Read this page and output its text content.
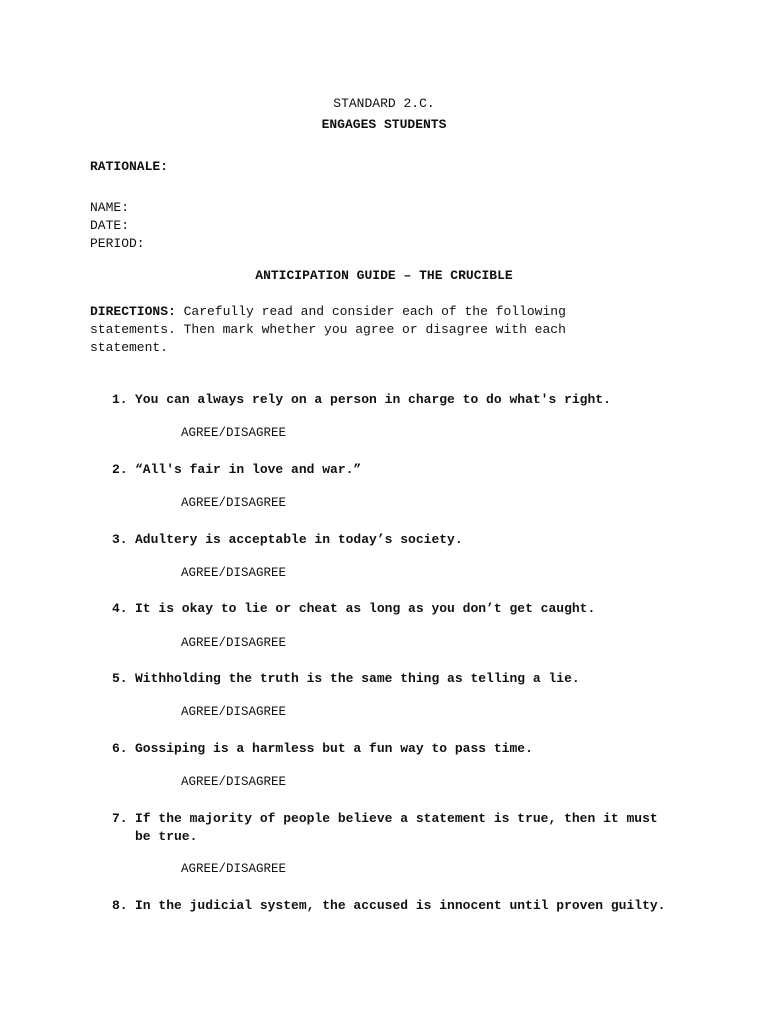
STANDARD 2.C.
ENGAGES STUDENTS
RATIONALE:
NAME:
DATE:
PERIOD:
ANTICIPATION GUIDE – THE CRUCIBLE
DIRECTIONS: Carefully read and consider each of the following
statements. Then mark whether you agree or disagree with each
statement.
1. You can always rely on a person in charge to do what's right.
AGREE/DISAGREE
2. “All's fair in love and war.”
AGREE/DISAGREE
3. Adultery is acceptable in today’s society.
AGREE/DISAGREE
4. It is okay to lie or cheat as long as you don’t get caught.
AGREE/DISAGREE
5. Withholding the truth is the same thing as telling a lie.
AGREE/DISAGREE
6. Gossiping is a harmless but a fun way to pass time.
AGREE/DISAGREE
7. If the majority of people believe a statement is true, then it must be true.
AGREE/DISAGREE
8. In the judicial system, the accused is innocent until proven guilty.
